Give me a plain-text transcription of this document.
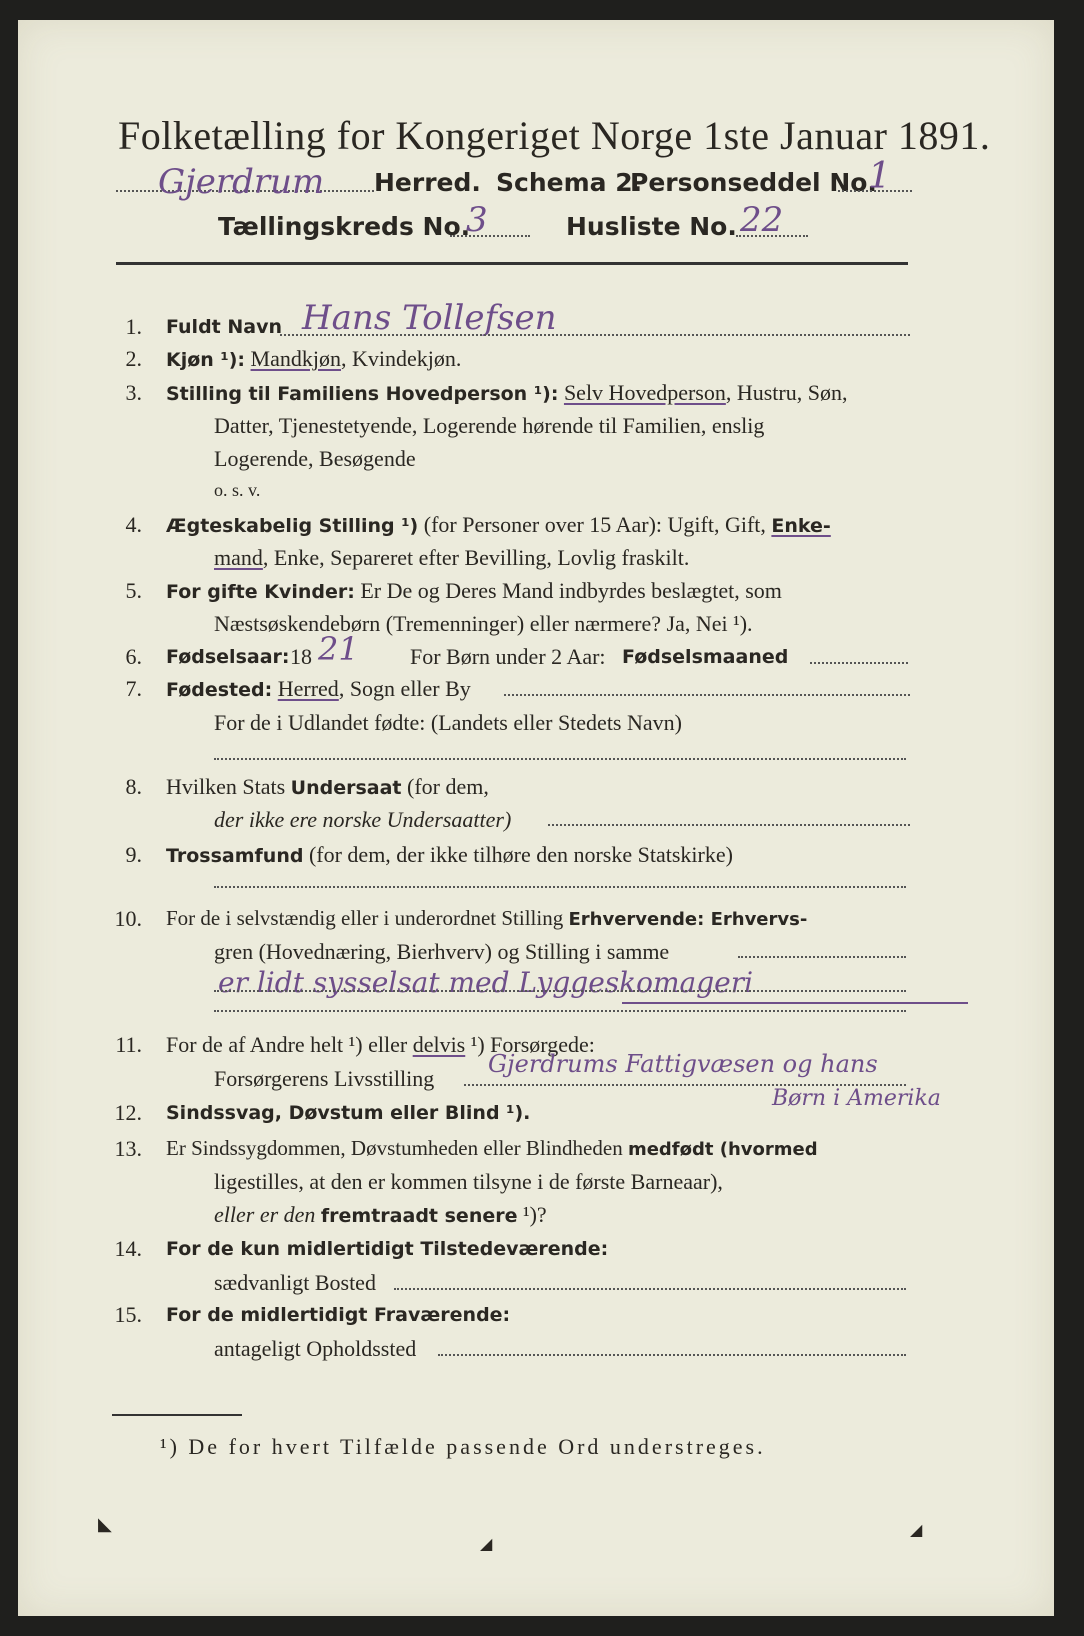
Folketælling for Kongeriget Norge 1ste Januar 1891.
Gjerdrum Herred. Schema 2.
Personseddel No.
1
Tællingskreds No.
3	Husliste No. 22
1. Fuldt Navn Hans Tollefsen
2. Kjøn ¹): Mandkjøn, Kvindekjøn.
3. Stilling til Familiens Hovedperson ¹): Selv Hovedperson, Hustru, Søn,
Datter, Tjenestetyende, Logerende hørende til Familien, enslig
Logerende, Besøgende
o. s. v.
4. Ægteskabelig Stilling ¹) (for Personer over 15 Aar): Ugift, Gift, Enke-
mand, Enke, Separeret efter Bevilling, Lovlig fraskilt.
5. For gifte Kvinder: Er De og Deres Mand indbyrdes beslægtet, som
Næstsøskendebørn (Tremenninger) eller nærmere? Ja, Nei ¹).
6. Fødselsaar: 18 21 For Børn under 2 Aar: Fødselsmaaned
7. Fødested: Herred, Sogn eller By
For de i Udlandet fødte: (Landets eller Stedets Navn)
8. Hvilken Stats Undersaat (for dem,
der ikke ere norske Undersaatter)
9. Trossamfund (for dem, der ikke tilhøre den norske Statskirke)
10. For de i selvstændig eller i underordnet Stilling Erhvervende: Erhvervs-
gren (Hovednæring, Bierhverv) og Stilling i samme
er lidt sysselsat med Lyggeskomageri
11. For de af Andre helt ¹) eller delvis ¹) Forsørgede:
Forsørgerens Livsstilling
Gjerdrums Fattigvæsen og hans
Børn i Amerika
12. Sindssvag, Døvstum eller Blind ¹).
13. Er Sindssygdommen, Døvstumheden eller Blindheden medfødt (hvormed
ligestilles, at den er kommen tilsyne i de første Barneaar),
eller er den fremtraadt senere ¹)?
14. For de kun midlertidigt Tilstedeværende:
sædvanligt Bosted
15. For de midlertidigt Fraværende:
antageligt Opholdssted
¹) De for hvert Tilfælde passende Ord understreges.
◣
◢
◢
